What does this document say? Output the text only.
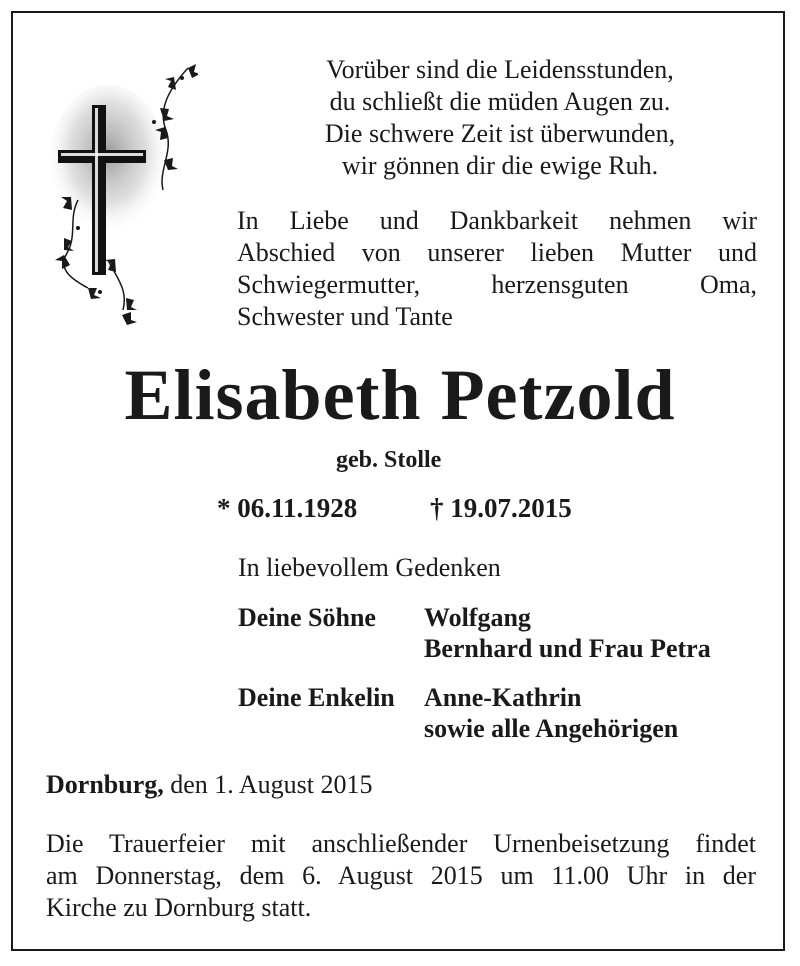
Vorüber sind die Leidensstunden,
du schließt die müden Augen zu.
Die schwere Zeit ist überwunden,
wir gönnen dir die ewige Ruh.
In Liebe und Dankbarkeit nehmen wir
Abschied von unserer lieben Mutter und
Schwiegermutter, herzensguten Oma,
Schwester und Tante
Elisabeth Petzold
geb. Stolle
* 06.11.1928	† 19.07.2015
In liebevollem Gedenken
Deine Söhne Wolfgang
Bernhard und Frau Petra
Deine Enkelin Anne-Kathrin
sowie alle Angehörigen
Dornburg, den 1. August 2015
Die Trauerfeier mit anschließender Urnenbeisetzung findet
am Donnerstag, dem 6. August 2015 um 11.00 Uhr in der
Kirche zu Dornburg statt.
